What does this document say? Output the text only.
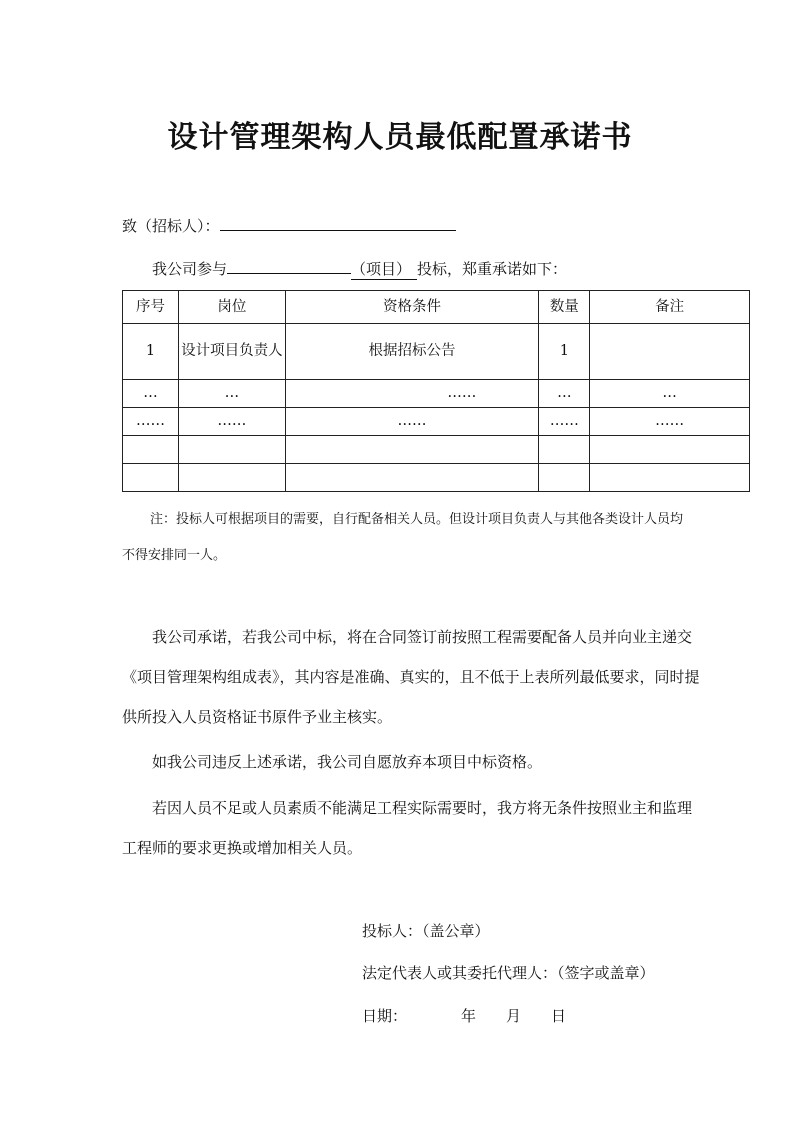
设计管理架构人员最低配置承诺书
致（招标人）：
我公司参与	（项目） 投标，郑重承诺如下：
序号	岗位	资格条件	数量	备注
1	设计项目负责人	根据招标公告	1	
…	…	……	…	…
……	……	……	……	……

注：投标人可根据项目的需要，自行配备相关人员。但设计项目负责人与其他各类设计人员均不得安排同一人。
我公司承诺，若我公司中标，将在合同签订前按照工程需要配备人员并向业主递交《项目管理架构组成表》，其内容是准确、真实的，且不低于上表所列最低要求，同时提供所投入人员资格证书原件予业主核实。
如我公司违反上述承诺，我公司自愿放弃本项目中标资格。
若因人员不足或人员素质不能满足工程实际需要时，我方将无条件按照业主和监理工程师的要求更换或增加相关人员。
投标人：（盖公章）
法定代表人或其委托代理人：（签字或盖章）
日期：	年 月 日
